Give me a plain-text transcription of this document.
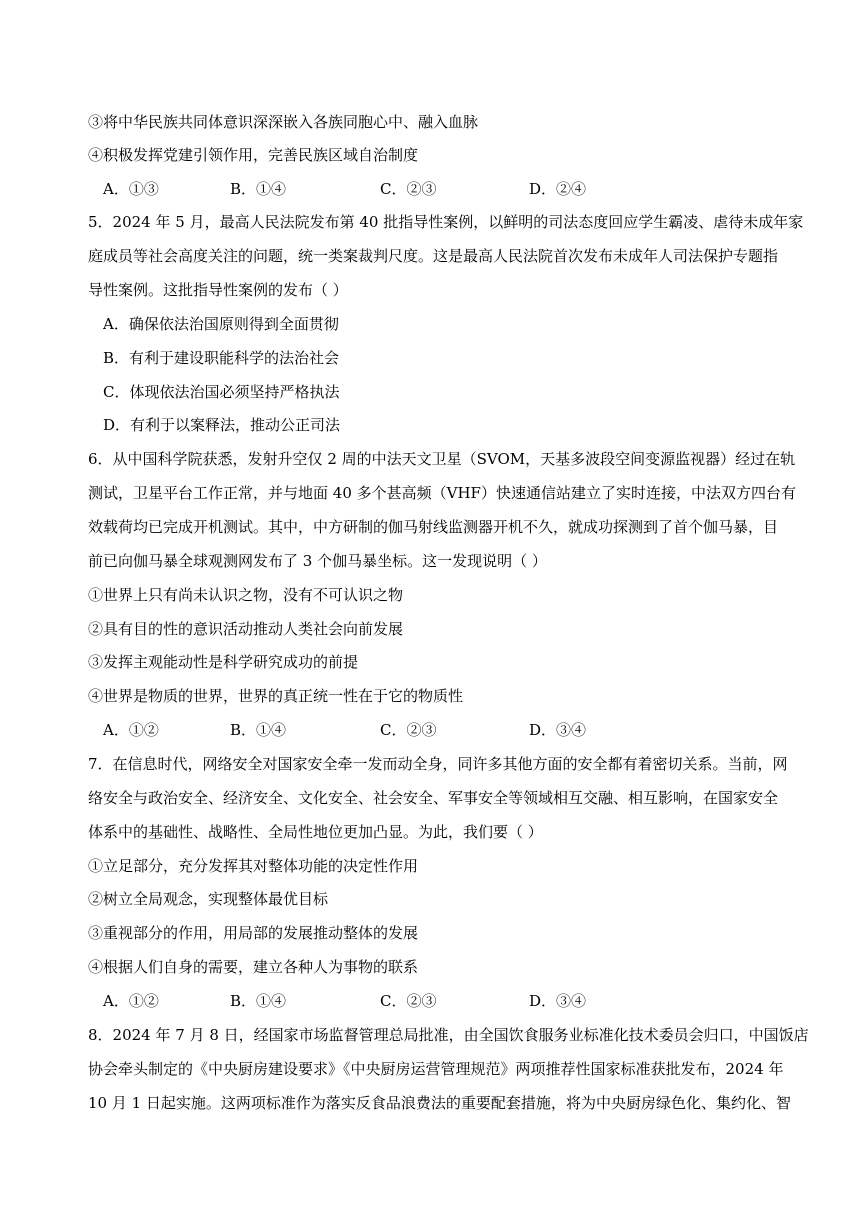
③将中华民族共同体意识深深嵌入各族同胞心中、融入血脉
④积极发挥党建引领作用，完善民族区域自治制度
A．①③	B．①④	C．②③	D．②④
5．2024 年 5 月，最高人民法院发布第 40 批指导性案例，以鲜明的司法态度回应学生霸凌、虐待未成年家
庭成员等社会高度关注的问题，统一类案裁判尺度。这是最高人民法院首次发布未成年人司法保护专题指
导性案例。这批指导性案例的发布（ ）
A．确保依法治国原则得到全面贯彻
B．有利于建设职能科学的法治社会
C．体现依法治国必须坚持严格执法
D．有利于以案释法，推动公正司法
6．从中国科学院获悉，发射升空仅 2 周的中法天文卫星（SVOM，天基多波段空间变源监视器）经过在轨
测试，卫星平台工作正常，并与地面 40 多个甚高频（VHF）快速通信站建立了实时连接，中法双方四台有
效载荷均已完成开机测试。其中，中方研制的伽马射线监测器开机不久，就成功探测到了首个伽马暴，目
前已向伽马暴全球观测网发布了 3 个伽马暴坐标。这一发现说明（ ）
①世界上只有尚未认识之物，没有不可认识之物
②具有目的性的意识活动推动人类社会向前发展
③发挥主观能动性是科学研究成功的前提
④世界是物质的世界，世界的真正统一性在于它的物质性
A．①②	B．①④	C．②③	D．③④
7．在信息时代，网络安全对国家安全牵一发而动全身，同许多其他方面的安全都有着密切关系。当前，网
络安全与政治安全、经济安全、文化安全、社会安全、军事安全等领域相互交融、相互影响，在国家安全
体系中的基础性、战略性、全局性地位更加凸显。为此，我们要（ ）
①立足部分，充分发挥其对整体功能的决定性作用
②树立全局观念，实现整体最优目标
③重视部分的作用，用局部的发展推动整体的发展
④根据人们自身的需要，建立各种人为事物的联系
A．①②	B．①④	C．②③	D．③④
8．2024 年 7 月 8 日，经国家市场监督管理总局批准，由全国饮食服务业标准化技术委员会归口，中国饭店
协会牵头制定的《中央厨房建设要求》《中央厨房运营管理规范》两项推荐性国家标准获批发布，2024 年
10 月 1 日起实施。这两项标准作为落实反食品浪费法的重要配套措施，将为中央厨房绿色化、集约化、智
